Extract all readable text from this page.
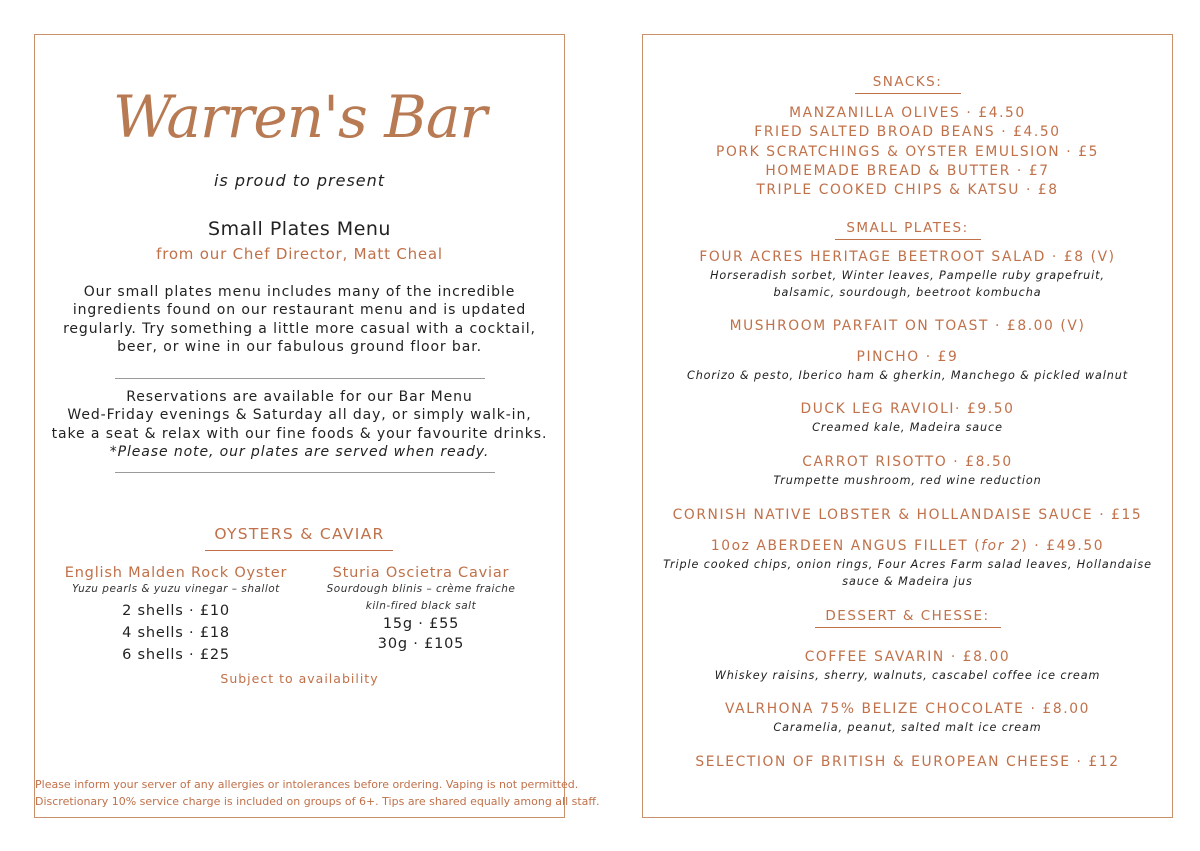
Warren's Bar
is proud to present
Small Plates Menu
from our Chef Director, Matt Cheal
Our small plates menu includes many of the incredible
ingredients found on our restaurant menu and is updated
regularly. Try something a little more casual with a cocktail,
beer, or wine in our fabulous ground floor bar.
Reservations are available for our Bar Menu
Wed-Friday evenings & Saturday all day, or simply walk-in,
take a seat & relax with our fine foods & your favourite drinks.
*Please note, our plates are served when ready.
OYSTERS & CAVIAR
English Malden Rock Oyster
Yuzu pearls & yuzu vinegar – shallot
2 shells · £10
4 shells · £18
6 shells · £25
Sturia Oscietra Caviar
Sourdough blinis – crème fraiche
kiln-fired black salt
15g · £55
30g · £105
Subject to availability
Please inform your server of any allergies or intolerances before ordering. Vaping is not permitted.
Discretionary 10% service charge is included on groups of 6+. Tips are shared equally among all staff.
SNACKS:
MANZANILLA OLIVES · £4.50
FRIED SALTED BROAD BEANS · £4.50
PORK SCRATCHINGS & OYSTER EMULSION · £5
HOMEMADE BREAD & BUTTER · £7
TRIPLE COOKED CHIPS & KATSU · £8
SMALL PLATES:
FOUR ACRES HERITAGE BEETROOT SALAD · £8 (V)
Horseradish sorbet, Winter leaves, Pampelle ruby grapefruit,
balsamic, sourdough, beetroot kombucha
MUSHROOM PARFAIT ON TOAST · £8.00 (V)
PINCHO · £9
Chorizo & pesto, Iberico ham & gherkin, Manchego & pickled walnut
DUCK LEG RAVIOLI· £9.50
Creamed kale, Madeira sauce
CARROT RISOTTO · £8.50
Trumpette mushroom, red wine reduction
CORNISH NATIVE LOBSTER & HOLLANDAISE SAUCE · £15
10oz ABERDEEN ANGUS FILLET (for 2) · £49.50
Triple cooked chips, onion rings, Four Acres Farm salad leaves, Hollandaise
sauce & Madeira jus
DESSERT & CHESSE:
COFFEE SAVARIN · £8.00
Whiskey raisins, sherry, walnuts, cascabel coffee ice cream
VALRHONA 75% BELIZE CHOCOLATE · £8.00
Caramelia, peanut, salted malt ice cream
SELECTION OF BRITISH & EUROPEAN CHEESE · £12
